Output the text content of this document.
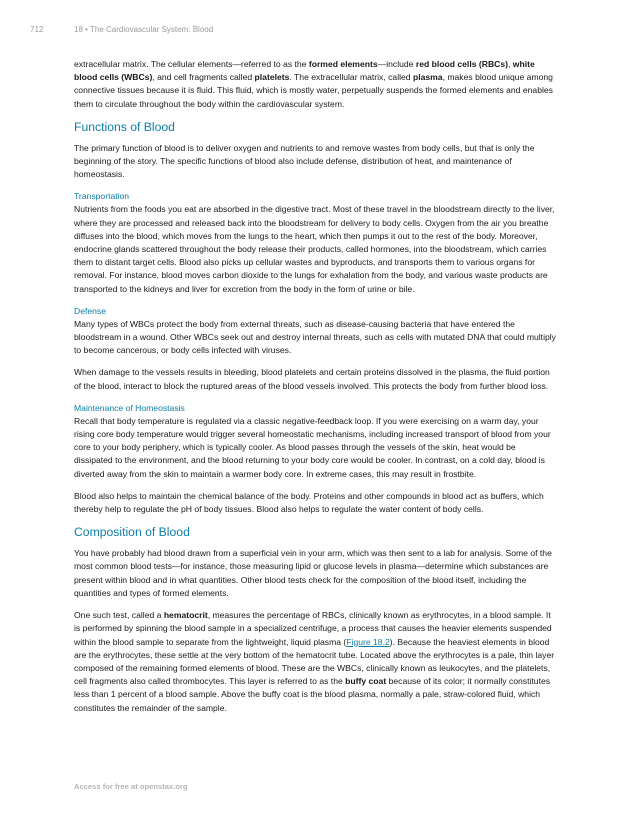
712	18 • The Cardiovascular System: Blood

extracellular matrix. The cellular elements—referred to as the formed elements—include red blood cells (RBCs), white blood cells (WBCs), and cell fragments called platelets. The extracellular matrix, called plasma, makes blood unique among connective tissues because it is fluid. This fluid, which is mostly water, perpetually suspends the formed elements and enables them to circulate throughout the body within the cardiovascular system.

Functions of Blood

The primary function of blood is to deliver oxygen and nutrients to and remove wastes from body cells, but that is only the beginning of the story. The specific functions of blood also include defense, distribution of heat, and maintenance of homeostasis.

Transportation

Nutrients from the foods you eat are absorbed in the digestive tract. Most of these travel in the bloodstream directly to the liver, where they are processed and released back into the bloodstream for delivery to body cells. Oxygen from the air you breathe diffuses into the blood, which moves from the lungs to the heart, which then pumps it out to the rest of the body. Moreover, endocrine glands scattered throughout the body release their products, called hormones, into the bloodstream, which carries them to distant target cells. Blood also picks up cellular wastes and byproducts, and transports them to various organs for removal. For instance, blood moves carbon dioxide to the lungs for exhalation from the body, and various waste products are transported to the kidneys and liver for excretion from the body in the form of urine or bile.

Defense

Many types of WBCs protect the body from external threats, such as disease-causing bacteria that have entered the bloodstream in a wound. Other WBCs seek out and destroy internal threats, such as cells with mutated DNA that could multiply to become cancerous, or body cells infected with viruses.

When damage to the vessels results in bleeding, blood platelets and certain proteins dissolved in the plasma, the fluid portion of the blood, interact to block the ruptured areas of the blood vessels involved. This protects the body from further blood loss.

Maintenance of Homeostasis

Recall that body temperature is regulated via a classic negative-feedback loop. If you were exercising on a warm day, your rising core body temperature would trigger several homeostatic mechanisms, including increased transport of blood from your core to your body periphery, which is typically cooler. As blood passes through the vessels of the skin, heat would be dissipated to the environment, and the blood returning to your body core would be cooler. In contrast, on a cold day, blood is diverted away from the skin to maintain a warmer body core. In extreme cases, this may result in frostbite.

Blood also helps to maintain the chemical balance of the body. Proteins and other compounds in blood act as buffers, which thereby help to regulate the pH of body tissues. Blood also helps to regulate the water content of body cells.

Composition of Blood

You have probably had blood drawn from a superficial vein in your arm, which was then sent to a lab for analysis. Some of the most common blood tests—for instance, those measuring lipid or glucose levels in plasma—determine which substances are present within blood and in what quantities. Other blood tests check for the composition of the blood itself, including the quantities and types of formed elements.

One such test, called a hematocrit, measures the percentage of RBCs, clinically known as erythrocytes, in a blood sample. It is performed by spinning the blood sample in a specialized centrifuge, a process that causes the heavier elements suspended within the blood sample to separate from the lightweight, liquid plasma (Figure 18.2). Because the heaviest elements in blood are the erythrocytes, these settle at the very bottom of the hematocrit tube. Located above the erythrocytes is a pale, thin layer composed of the remaining formed elements of blood. These are the WBCs, clinically known as leukocytes, and the platelets, cell fragments also called thrombocytes. This layer is referred to as the buffy coat because of its color; it normally constitutes less than 1 percent of a blood sample. Above the buffy coat is the blood plasma, normally a pale, straw-colored fluid, which constitutes the remainder of the sample.

Access for free at openstax.org
